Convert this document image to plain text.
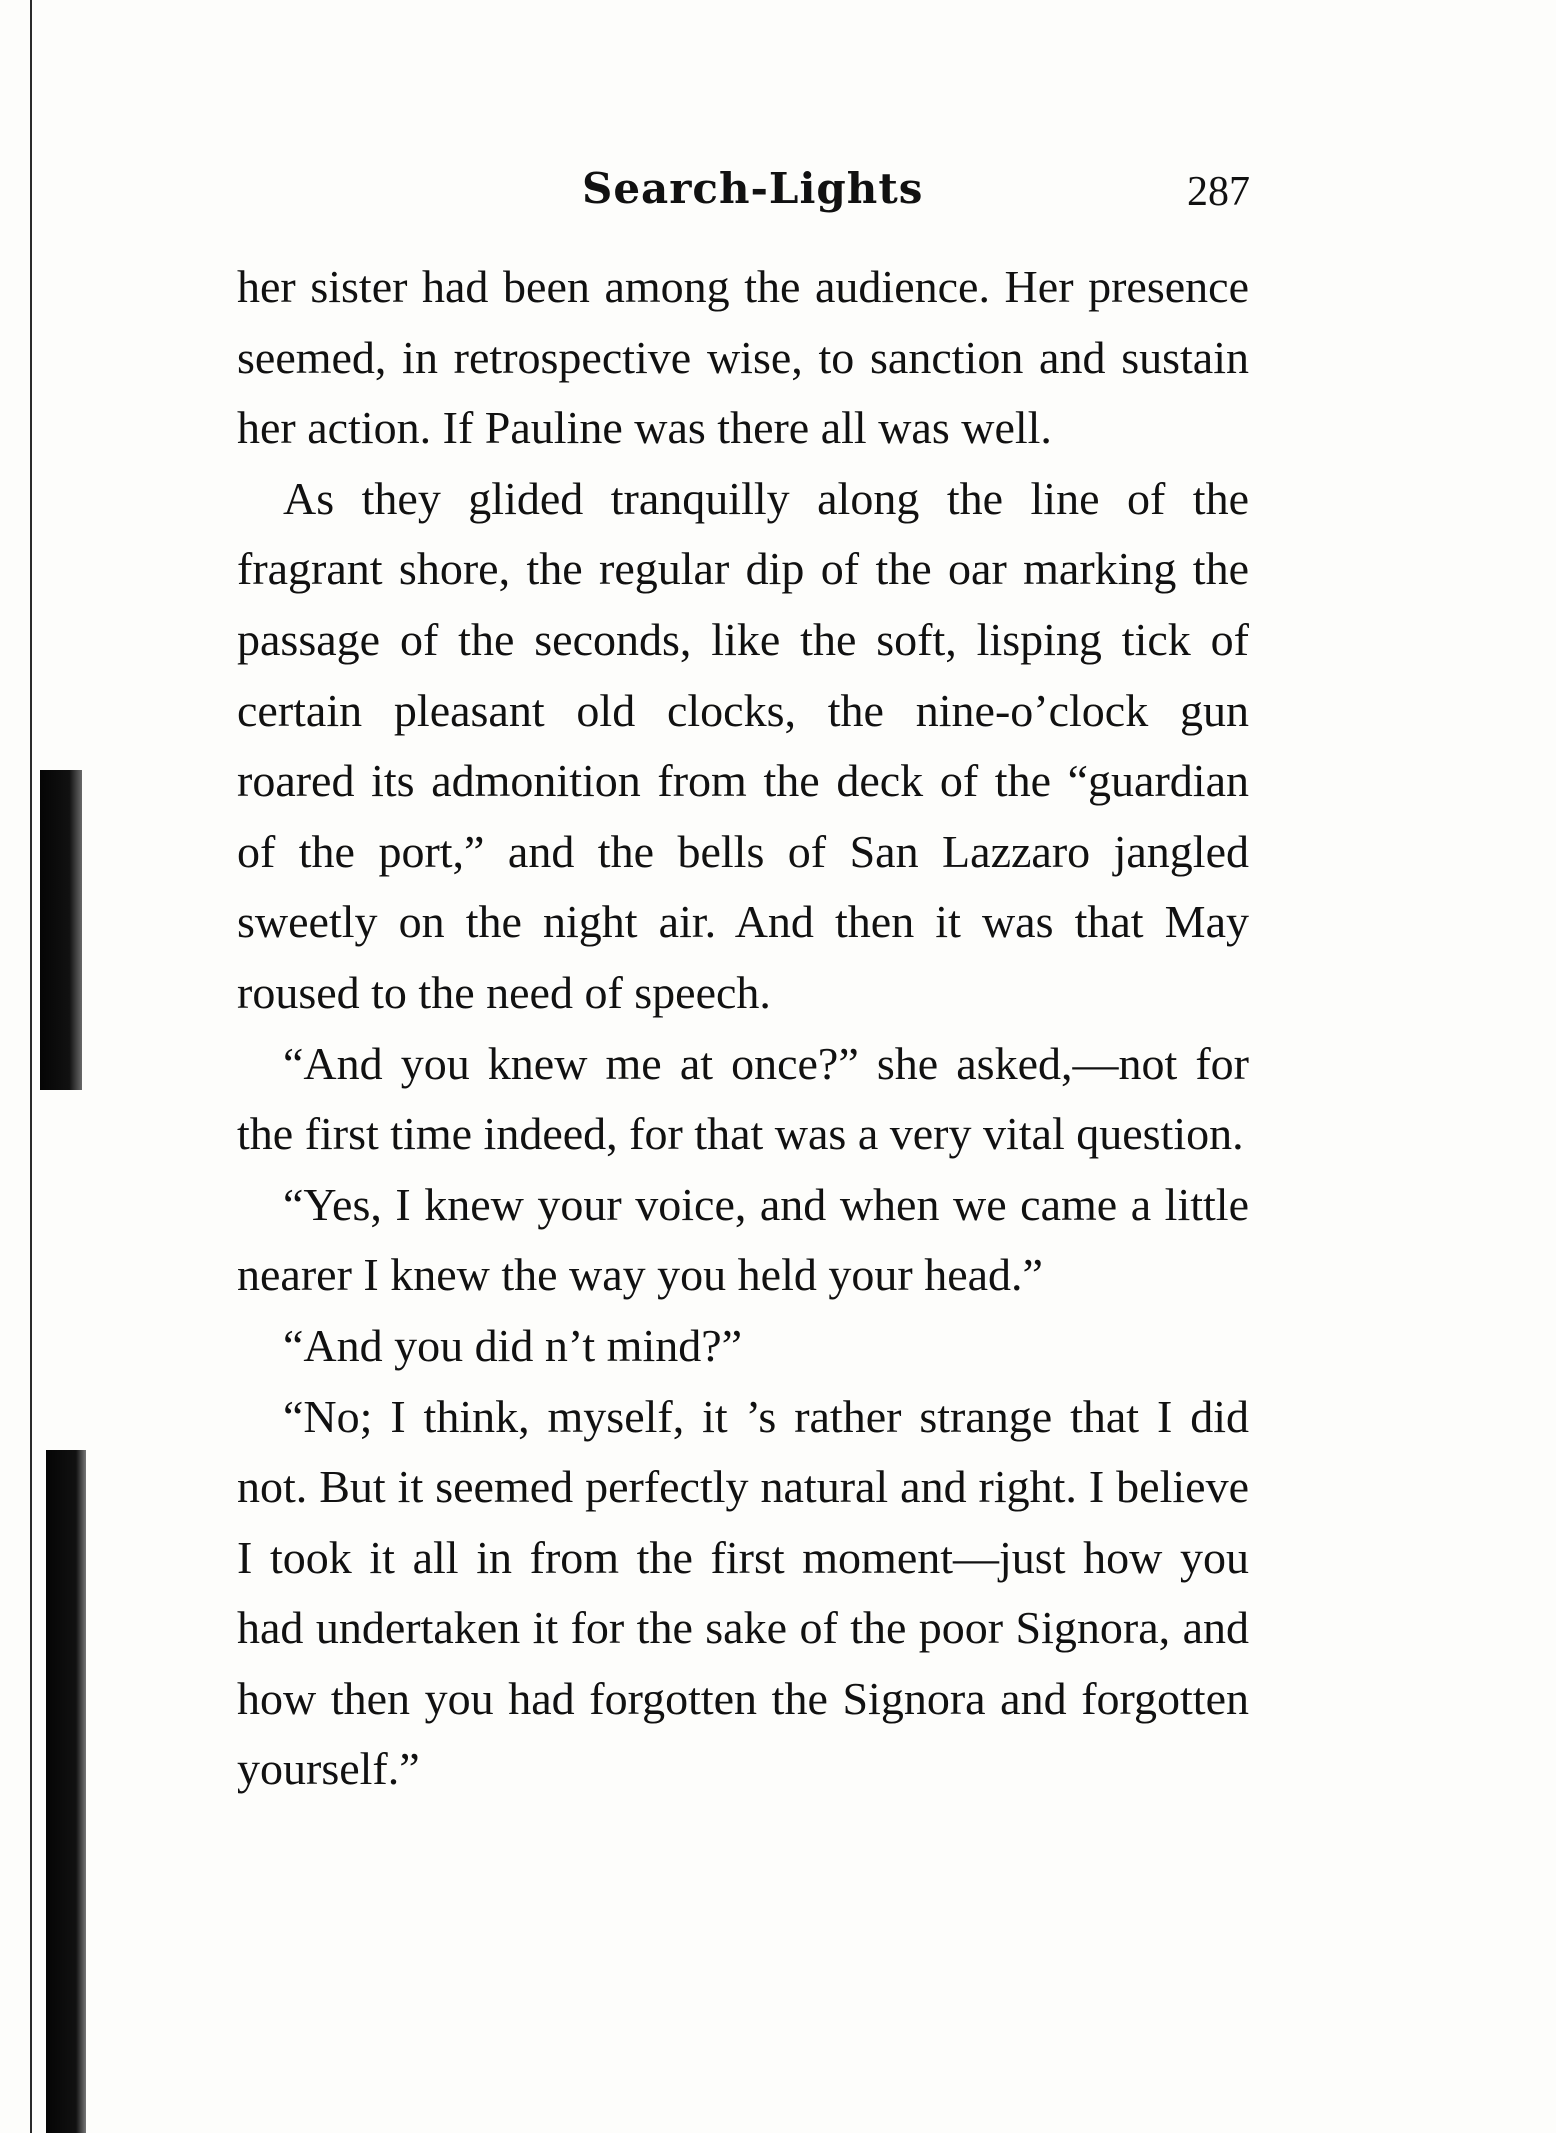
Search-Lights	287

her sister had been among the audience. Her presence seemed, in retrospective wise, to sanction and sustain her action. If Pauline was there all was well.

As they glided tranquilly along the line of the fragrant shore, the regular dip of the oar marking the passage of the seconds, like the soft, lisping tick of certain pleasant old clocks, the nine-o’clock gun roared its admonition from the deck of the “guardian of the port,” and the bells of San Lazzaro jangled sweetly on the night air. And then it was that May roused to the need of speech.

“And you knew me at once?” she asked,—not for the first time indeed, for that was a very vital question.

“Yes, I knew your voice, and when we came a little nearer I knew the way you held your head.”

“And you did n’t mind?”

“No; I think, myself, it ’s rather strange that I did not. But it seemed perfectly natural and right. I believe I took it all in from the first moment—just how you had undertaken it for the sake of the poor Signora, and how then you had forgotten the Signora and forgotten yourself.”
